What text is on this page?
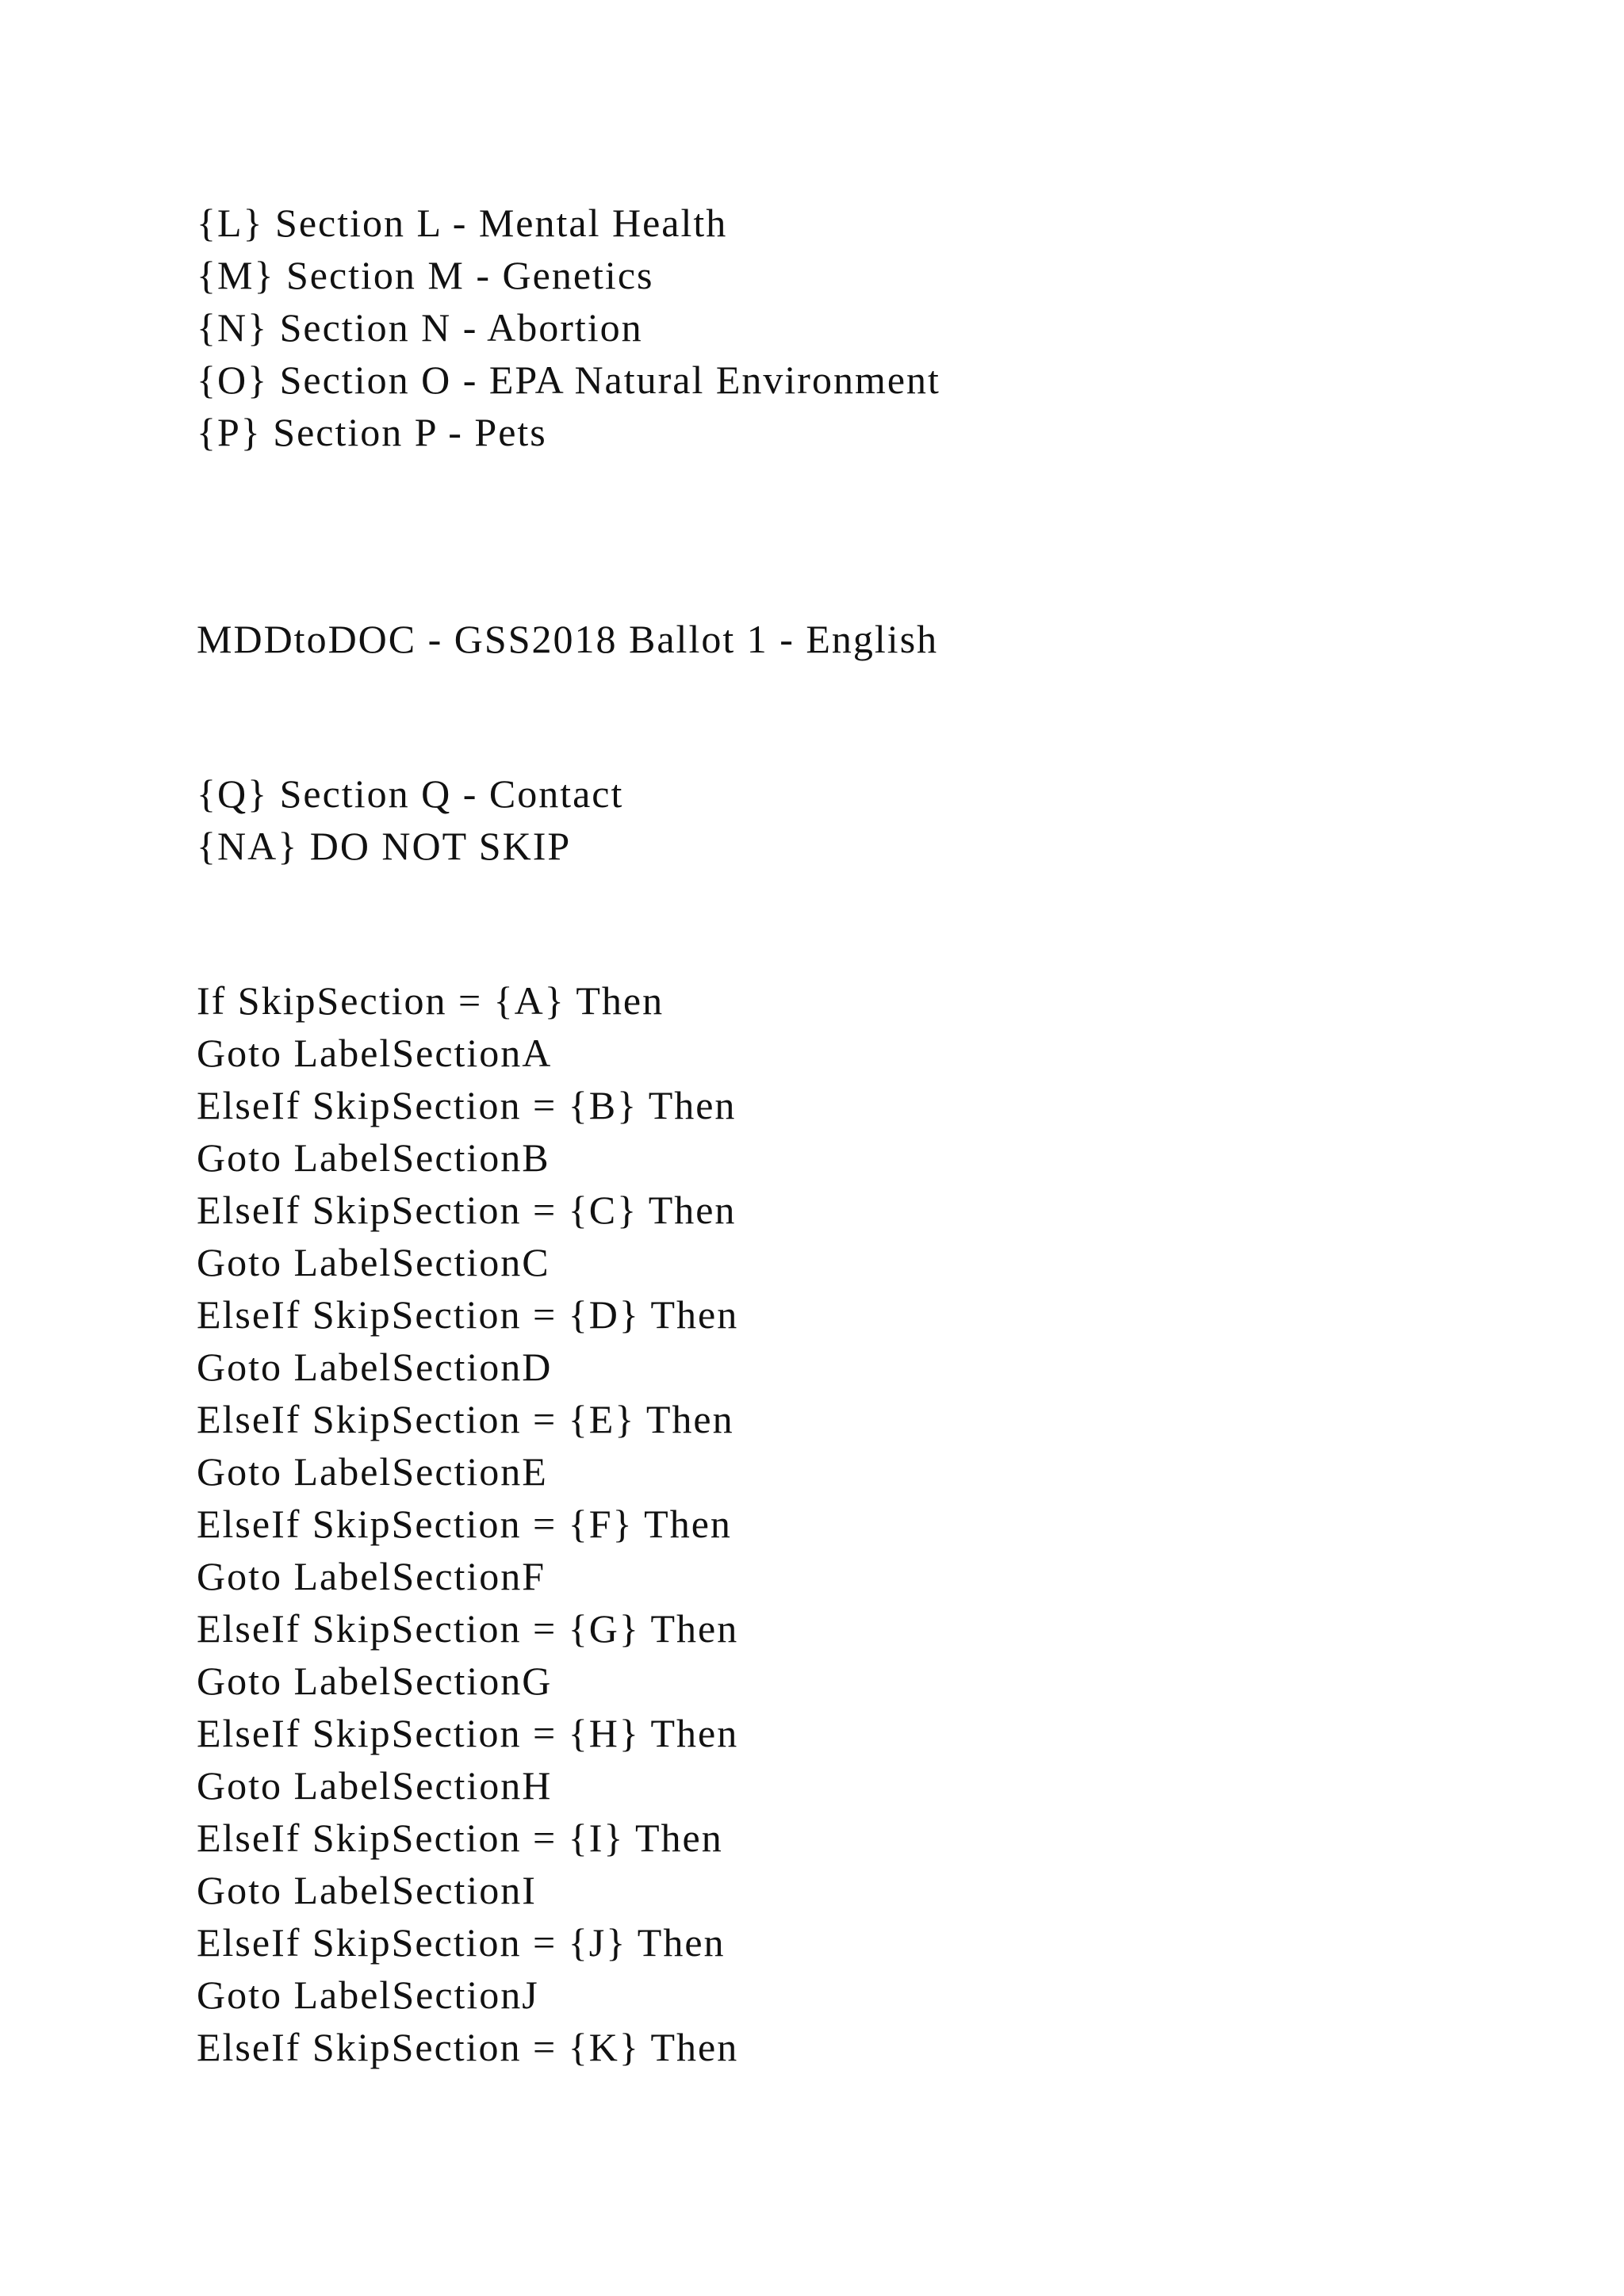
{L} Section L - Mental Health
{M} Section M - Genetics
{N} Section N - Abortion
{O} Section O - EPA Natural Environment
{P} Section P - Pets
MDDtoDOC - GSS2018 Ballot 1 - English
{Q} Section Q - Contact
{NA} DO NOT SKIP
If SkipSection = {A} Then
Goto LabelSectionA
ElseIf SkipSection = {B} Then
Goto LabelSectionB
ElseIf SkipSection = {C} Then
Goto LabelSectionC
ElseIf SkipSection = {D} Then
Goto LabelSectionD
ElseIf SkipSection = {E} Then
Goto LabelSectionE
ElseIf SkipSection = {F} Then
Goto LabelSectionF
ElseIf SkipSection = {G} Then
Goto LabelSectionG
ElseIf SkipSection = {H} Then
Goto LabelSectionH
ElseIf SkipSection = {I} Then
Goto LabelSectionI
ElseIf SkipSection = {J} Then
Goto LabelSectionJ
ElseIf SkipSection = {K} Then
